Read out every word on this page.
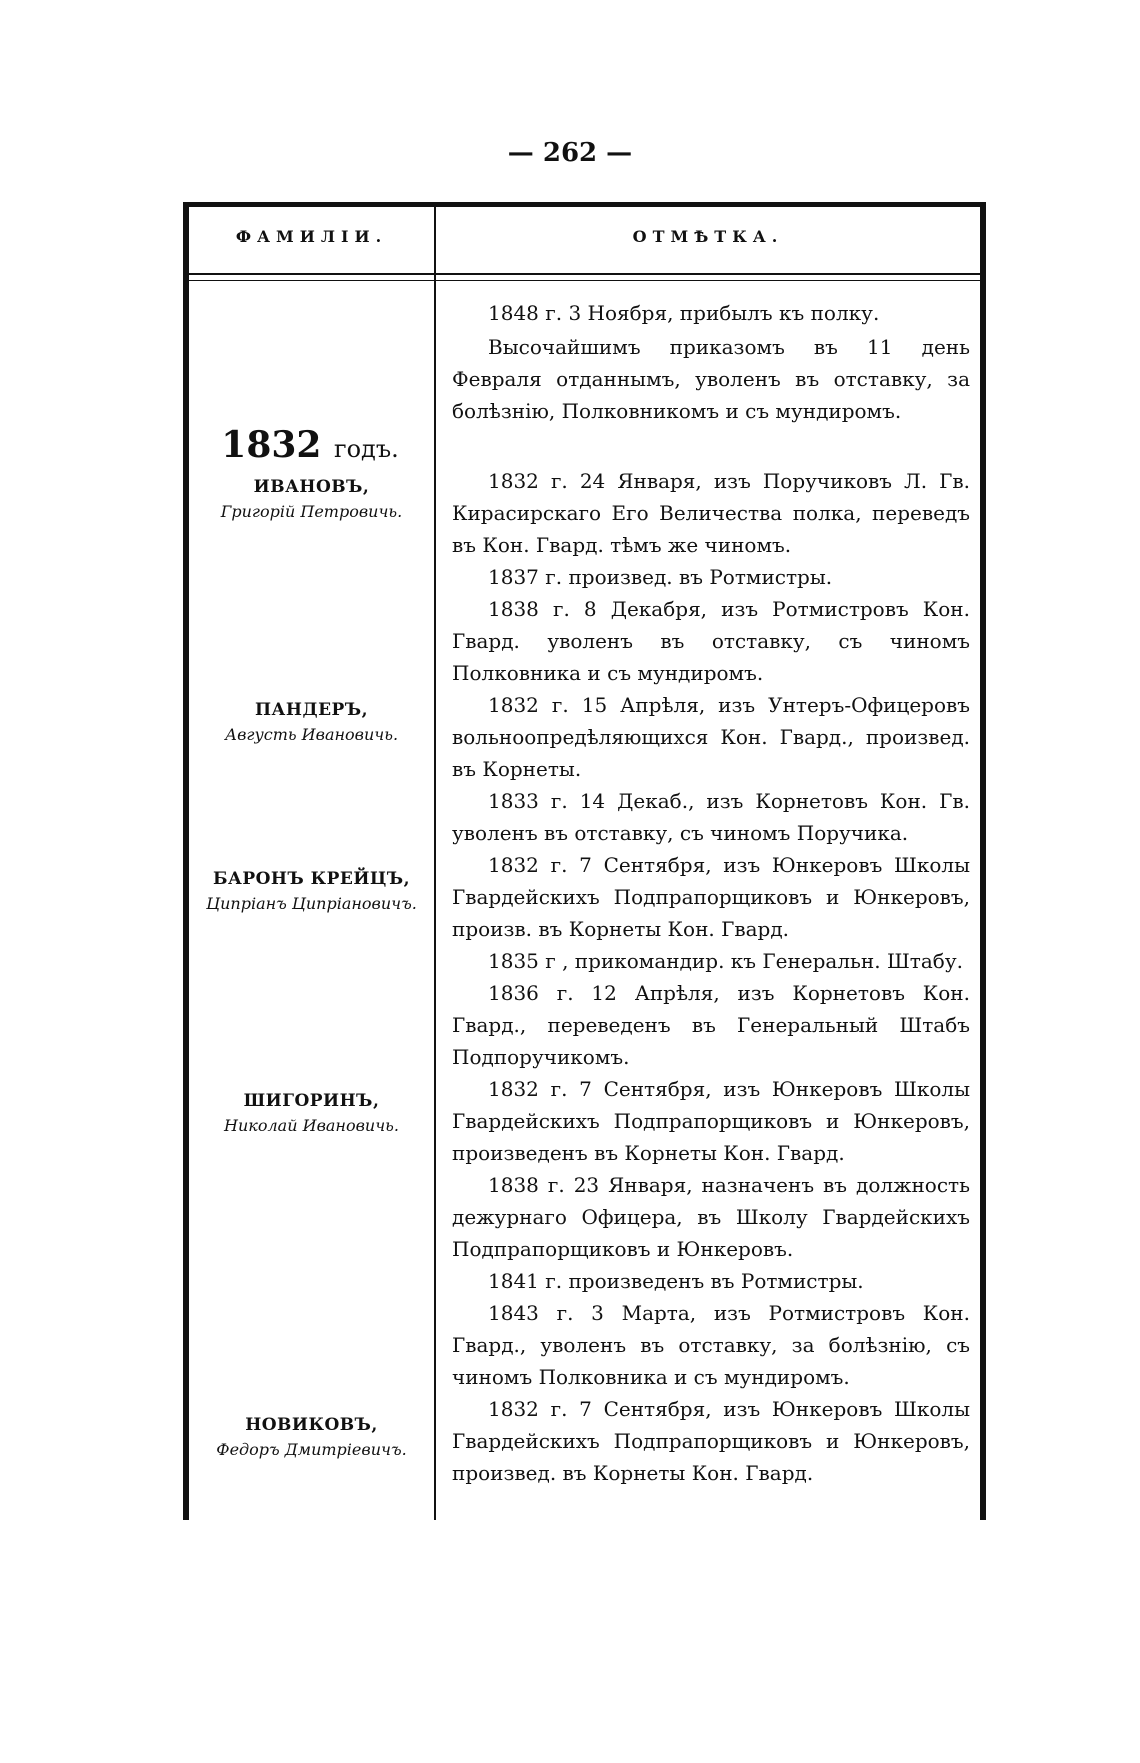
— 262 —
ФАМИЛІИ.	ОТМѢТКА.
1832 годъ.
ИВАНОВЪ,
Григорій Петровичь.
ПАНДЕРЪ,
Августь Ивановичь.
БАРОНЪ КРЕЙЦЪ,
Ципріанъ Ципріановичъ.
ШИГОРИНЪ,
Николай Ивановичь.
НОВИКОВЪ,
Федоръ Дмитріевичъ.
1848 г. 3 Ноября, прибылъ къ полку.
Высочайшимъ приказомъ въ 11 день Февраля отданнымъ, уволенъ въ отставку, за болѣзнію, Полковникомъ и съ мундиромъ.
1832 г. 24 Января, изъ Поручиковъ Л. Гв. Кирасирскаго Его Величества полка, переведъ въ Кон. Гвард. тѣмъ же чиномъ.
1837 г. произвед. въ Ротмистры.
1838 г. 8 Декабря, изъ Ротмистровъ Кон. Гвард. уволенъ въ отставку, съ чиномъ Полковника и съ мундиромъ.
1832 г. 15 Апрѣля, изъ Унтеръ-Офицеровъ вольноопредѣляющихся Кон. Гвард., произвед. въ Корнеты.
1833 г. 14 Декаб., изъ Корнетовъ Кон. Гв. уволенъ въ отставку, съ чиномъ Поручика.
1832 г. 7 Сентября, изъ Юнкеровъ Школы Гвардейскихъ Подпрапорщиковъ и Юнкеровъ, произв. въ Корнеты Кон. Гвард.
1835 г , прикомандир. къ Генеральн. Штабу.
1836 г. 12 Апрѣля, изъ Корнетовъ Кон. Гвард., переведенъ въ Генеральный Штабъ Подпоручикомъ.
1832 г. 7 Сентября, изъ Юнкеровъ Школы Гвардейскихъ Подпрапорщиковъ и Юнкеровъ, произведенъ въ Корнеты Кон. Гвард.
1838 г. 23 Января, назначенъ въ должность дежурнаго Офицера, въ Школу Гвардейскихъ Подпрапорщиковъ и Юнкеровъ.
1841 г. произведенъ въ Ротмистры.
1843 г. 3 Марта, изъ Ротмистровъ Кон. Гвард., уволенъ въ отставку, за болѣзнію, съ чиномъ Полковника и съ мундиромъ.
1832 г. 7 Сентября, изъ Юнкеровъ Школы Гвардейскихъ Подпрапорщиковъ и Юнкеровъ, произвед. въ Корнеты Кон. Гвард.
